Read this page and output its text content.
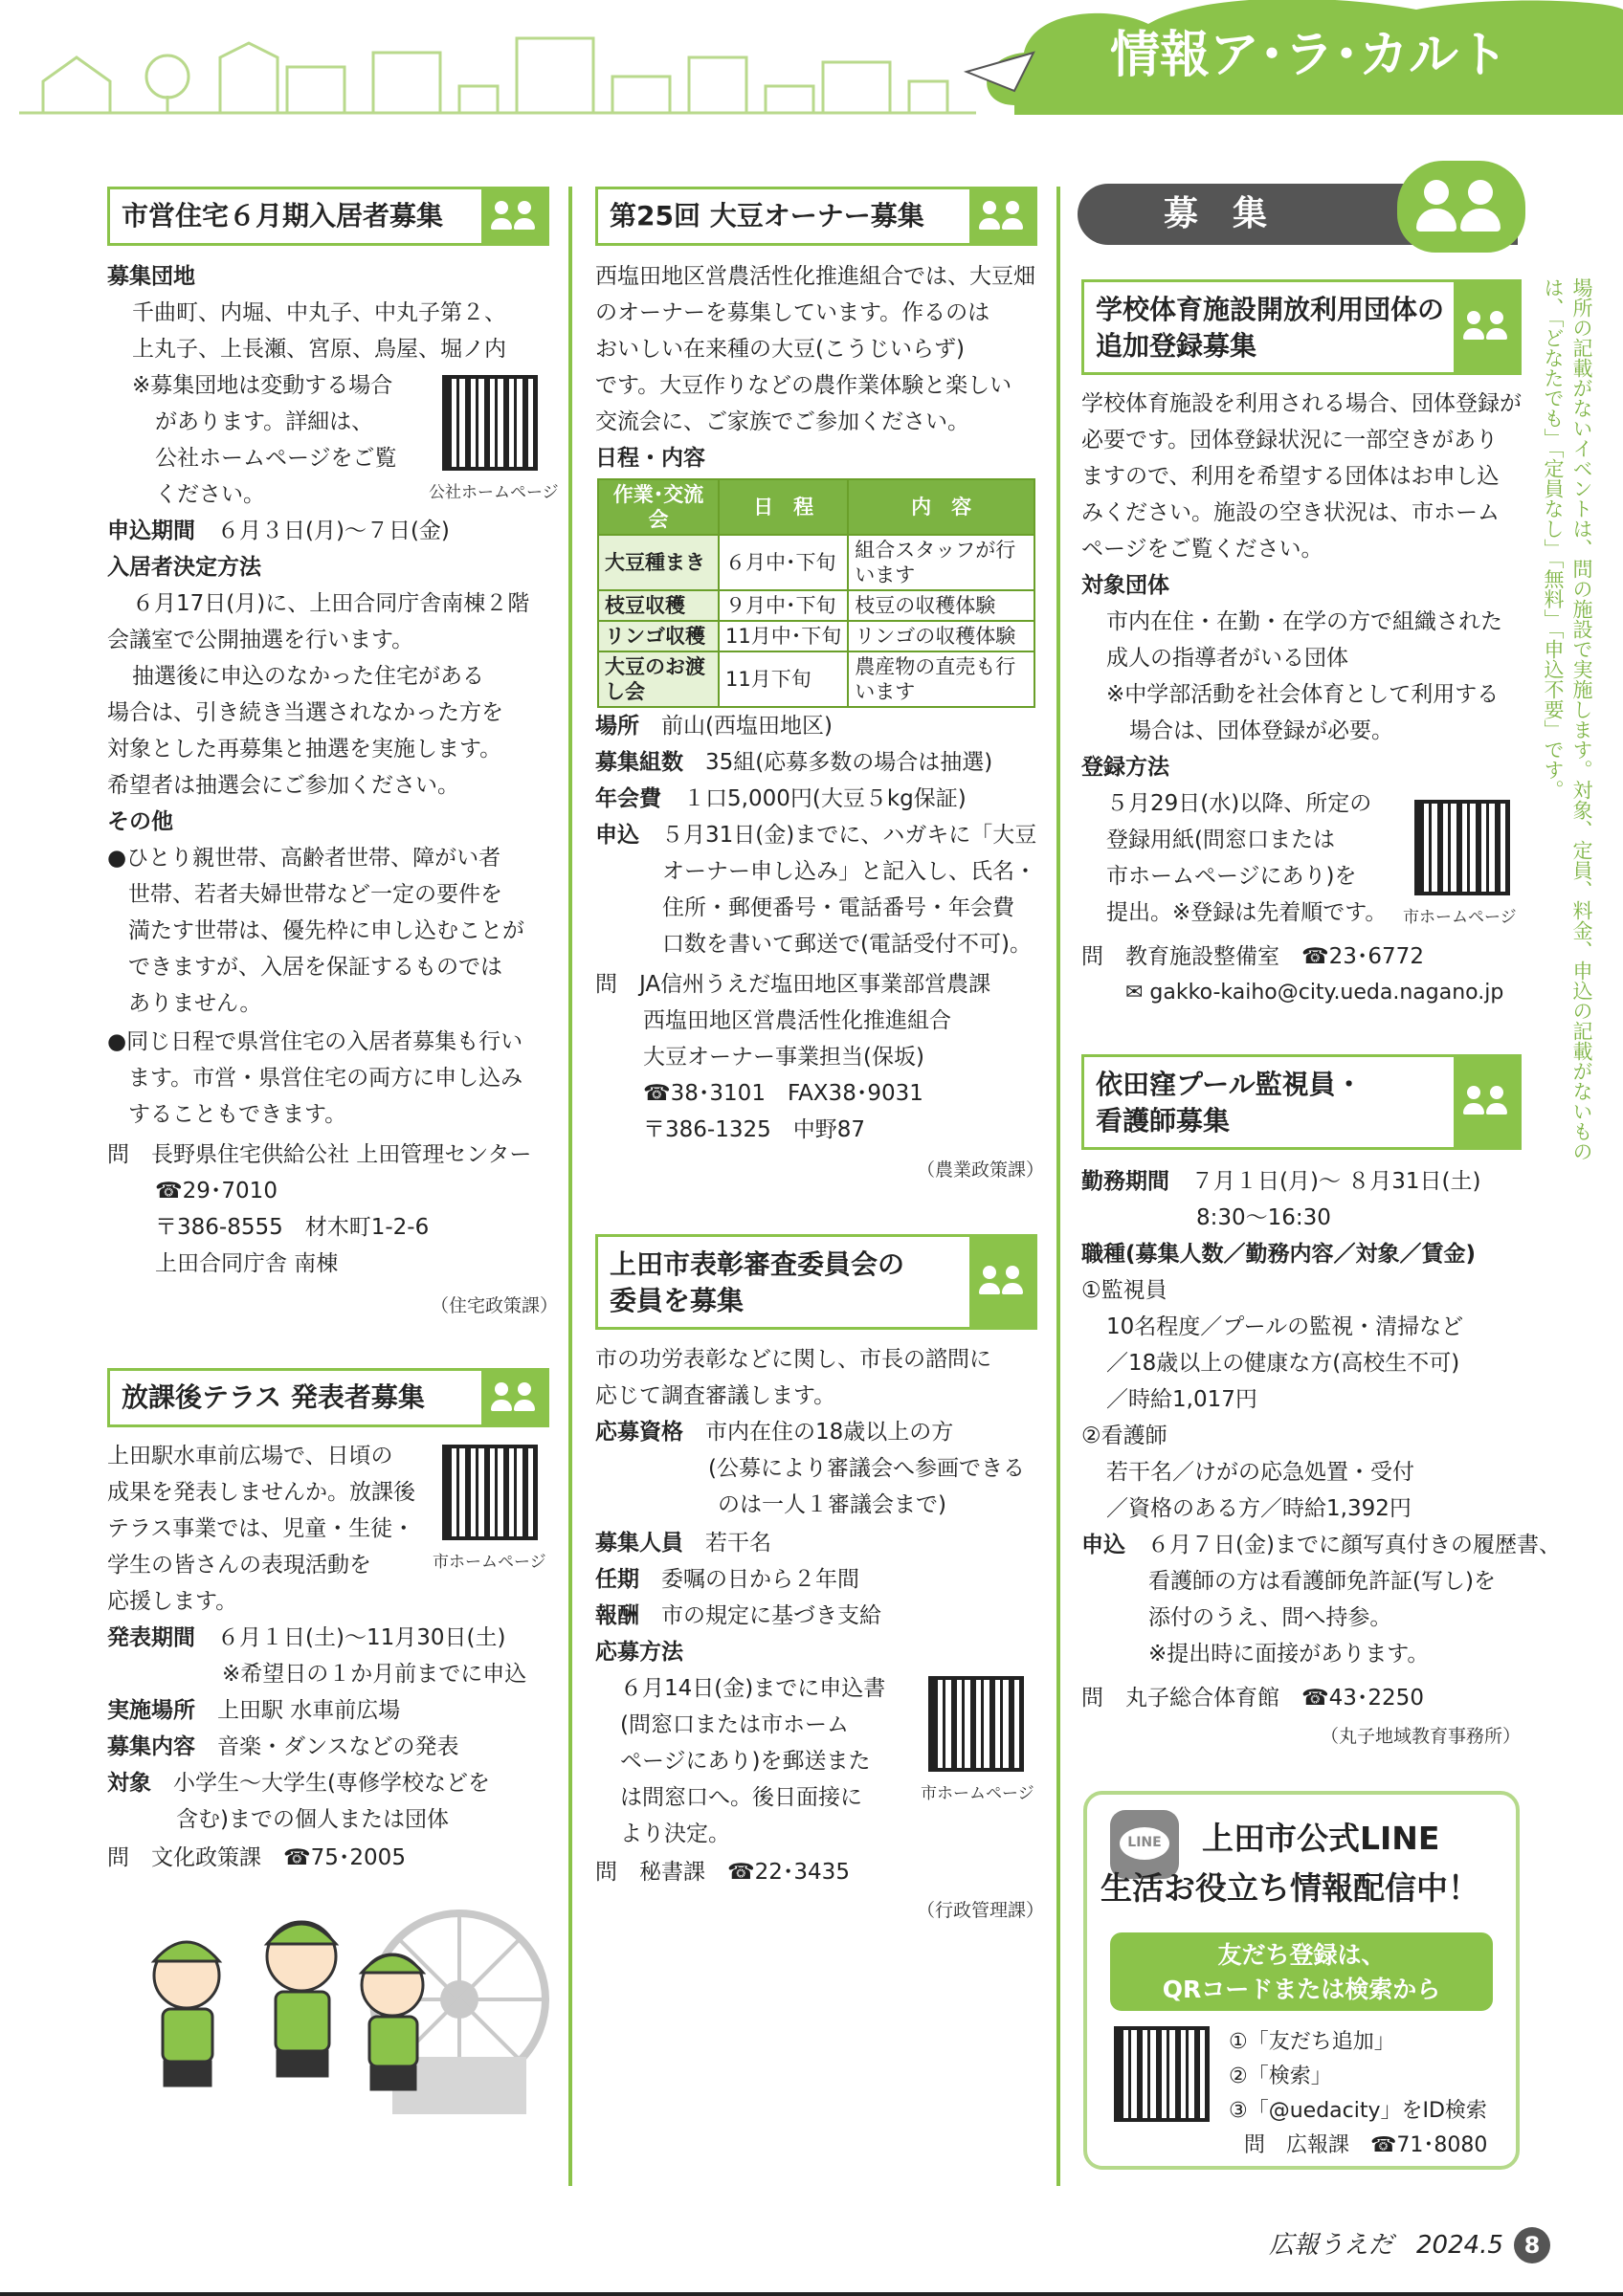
情報ア･ラ･カルト
市営住宅６月期入居者募集
募集団地
千曲町、内堀、中丸子、中丸子第２、
上丸子、上長瀬、宮原、鳥屋、堀ノ内
※募集団地は変動する場合
があります。詳細は、
公社ホームページをご覧
ください。	公社ホームページ
申込期間　 ６月３日(月)～７日(金)
入居者決定方法
６月17日(月)に、上田合同庁舎南棟２階
会議室で公開抽選を行います。
抽選後に申込のなかった住宅がある
場合は、引き続き当選されなかった方を
対象とした再募集と抽選を実施します。
希望者は抽選会にご参加ください。
その他
●ひとり親世帯、高齢者世帯、障がい者
世帯、若者夫婦世帯など一定の要件を
満たす世帯は、優先枠に申し込むことが
できますが、入居を保証するものでは
ありません。
●同じ日程で県営住宅の入居者募集も行い
ます。市営・県営住宅の両方に申し込み
することもできます。
問　長野県住宅供給公社 上田管理センター
☎29･7010
〒386-8555　材木町1-2-6
上田合同庁舎 南棟
（住宅政策課）
放課後テラス 発表者募集
上田駅水車前広場で、日頃の
成果を発表しませんか。放課後
テラス事業では、児童・生徒・
学生の皆さんの表現活動を
応援します。
市ホームページ
発表期間　 ６月１日(土)～11月30日(土)
※希望日の１か月前までに申込
実施場所　 上田駅 水車前広場
募集内容　 音楽・ダンスなどの発表
対象　 小学生～大学生(専修学校などを
含む)までの個人または団体
問　文化政策課　☎75･2005
第25回 大豆オーナー募集
西塩田地区営農活性化推進組合では、大豆畑
のオーナーを募集しています。作るのは
おいしい在来種の大豆(こうじいらず)
です。大豆作りなどの農作業体験と楽しい
交流会に、ご家族でご参加ください。
日程・内容
作業･交流会	日　程	内　容
大豆種まき	６月中･下旬	組合スタッフが行います
枝豆収穫	９月中･下旬	枝豆の収穫体験
リンゴ収穫	11月中･下旬	リンゴの収穫体験
大豆のお渡し会	11月下旬	農産物の直売も行います
場所　 前山(西塩田地区)
募集組数　 35組(応募多数の場合は抽選)
年会費　 １口5,000円(大豆５kg保証)
申込　 ５月31日(金)までに、ハガキに「大豆
オーナー申し込み」と記入し、氏名・
住所・郵便番号・電話番号・年会費
口数を書いて郵送で(電話受付不可)。
問　JA信州うえだ塩田地区事業部営農課
西塩田地区営農活性化推進組合
大豆オーナー事業担当(保坂)
☎38･3101　FAX38･9031
〒386-1325　中野87
（農業政策課）
上田市表彰審査委員会の
委員を募集
市の功労表彰などに関し、市長の諮問に
応じて調査審議します。
応募資格　 市内在住の18歳以上の方
(公募により審議会へ参画できる
のは一人１審議会まで)
募集人員　 若干名
任期　 委嘱の日から２年間
報酬　 市の規定に基づき支給
応募方法
６月14日(金)までに申込書
(問窓口または市ホーム
ページにあり)を郵送また
は問窓口へ。後日面接に
より決定。
市ホームページ
問　秘書課　☎22･3435
（行政管理課）
募　集
学校体育施設開放利用団体の
追加登録募集
学校体育施設を利用される場合、団体登録が
必要です。団体登録状況に一部空きがあり
ますので、利用を希望する団体はお申し込
みください。施設の空き状況は、市ホーム
ページをご覧ください。
対象団体
市内在住・在勤・在学の方で組織された
成人の指導者がいる団体
※中学部活動を社会体育として利用する
場合は、団体登録が必要。
登録方法
５月29日(水)以降、所定の
登録用紙(問窓口または
市ホームページにあり)を
提出。※登録は先着順です。 市ホームページ
問　教育施設整備室　☎23･6772
✉ gakko-kaiho@city.ueda.nagano.jp
依田窪プール監視員・
看護師募集
勤務期間　 ７月１日(月)～ ８月31日(土)
8:30～16:30
職種(募集人数／勤務内容／対象／賃金)
①監視員
10名程度／プールの監視・清掃など
／18歳以上の健康な方(高校生不可)
／時給1,017円
②看護師
若干名／けがの応急処置・受付
／資格のある方／時給1,392円
申込　 ６月７日(金)までに顔写真付きの履歴書、
看護師の方は看護師免許証(写し)を
添付のうえ、問へ持参。
※提出時に面接があります。
問　丸子総合体育館　☎43･2250
（丸子地域教育事務所）
LINE 上田市公式LINE
生活お役立ち情報配信中！
友だち登録は、
QRコードまたは検索から
①「友だち追加」
②「検索」
③「@uedacity」をID検索
問　広報課　☎71･8080
場所の記載がないイベントは、問の施設で実施します。対象、定員、料金、申込の記載がないものは、「どなたでも」「定員なし」「無料」「申込不要」です。
広報うえだ 2024.5 8
